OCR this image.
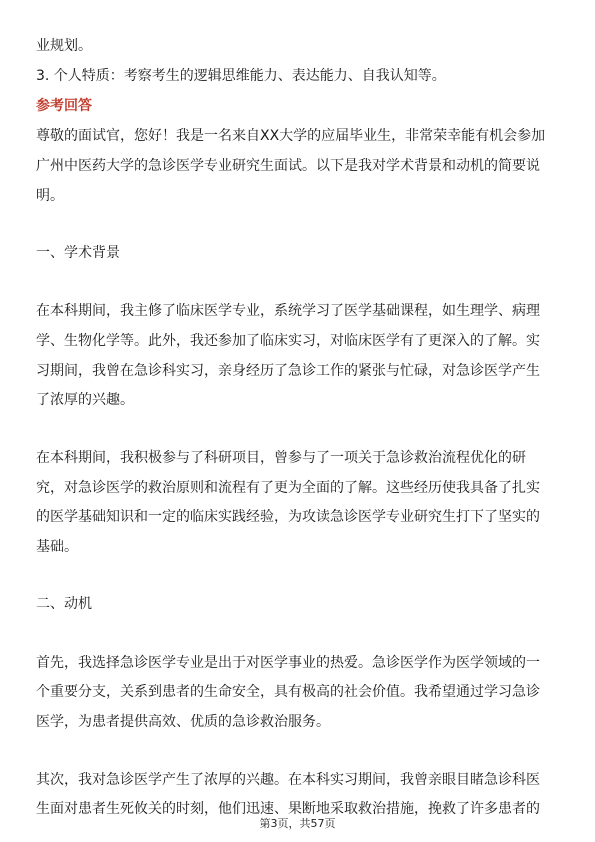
业规划。

3. 个人特质：考察考生的逻辑思维能力、表达能力、自我认知等。

参考回答

尊敬的面试官，您好！我是一名来自XX大学的应届毕业生，非常荣幸能有机会参加

广州中医药大学的急诊医学专业研究生面试。以下是我对学术背景和动机的简要说

明。

一、学术背景

在本科期间，我主修了临床医学专业，系统学习了医学基础课程，如生理学、病理

学、生物化学等。此外，我还参加了临床实习，对临床医学有了更深入的了解。实

习期间，我曾在急诊科实习，亲身经历了急诊工作的紧张与忙碌，对急诊医学产生

了浓厚的兴趣。

在本科期间，我积极参与了科研项目，曾参与了一项关于急诊救治流程优化的研

究，对急诊医学的救治原则和流程有了更为全面的了解。这些经历使我具备了扎实

的医学基础知识和一定的临床实践经验，为攻读急诊医学专业研究生打下了坚实的

基础。

二、动机

首先，我选择急诊医学专业是出于对医学事业的热爱。急诊医学作为医学领域的一

个重要分支，关系到患者的生命安全，具有极高的社会价值。我希望通过学习急诊

医学，为患者提供高效、优质的急诊救治服务。

其次，我对急诊医学产生了浓厚的兴趣。在本科实习期间，我曾亲眼目睹急诊科医

生面对患者生死攸关的时刻，他们迅速、果断地采取救治措施，挽救了许多患者的

第3页，共57页
